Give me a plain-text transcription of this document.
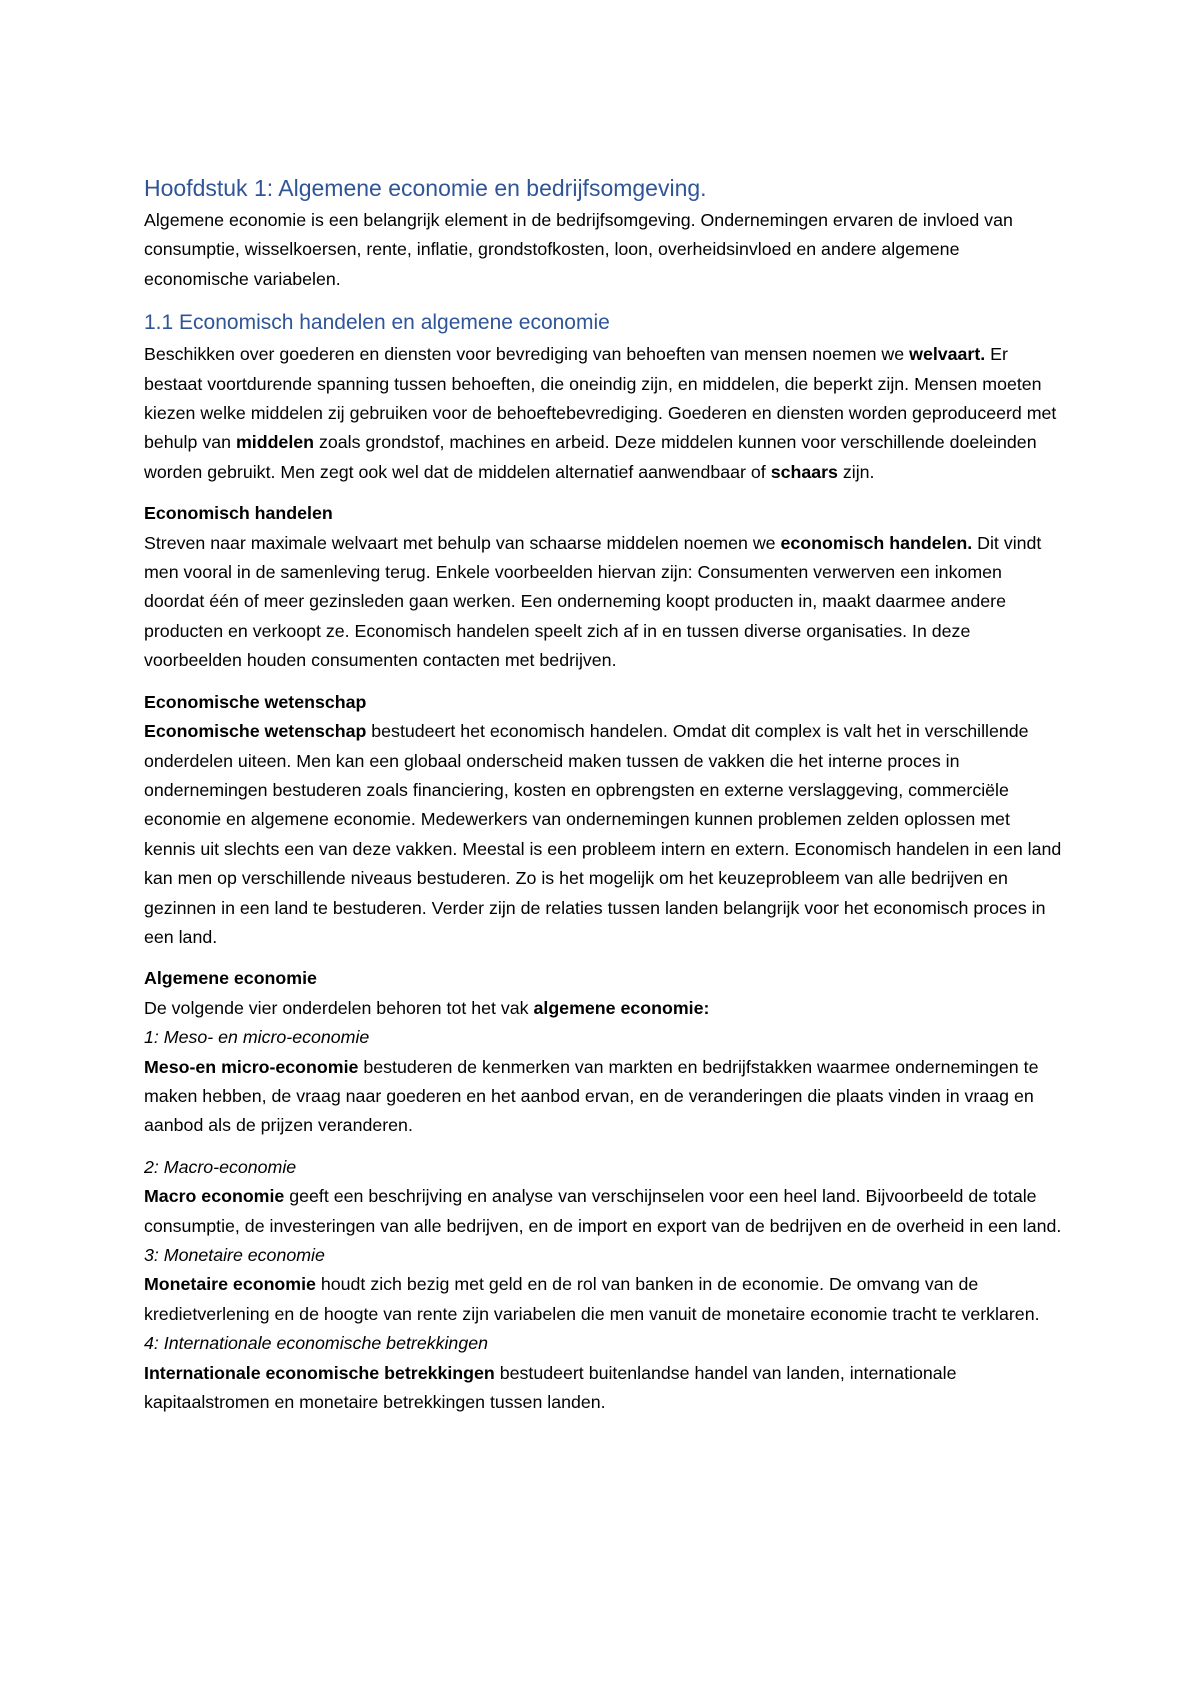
Hoofdstuk 1: Algemene economie en bedrijfsomgeving.

Algemene economie is een belangrijk element in de bedrijfsomgeving. Ondernemingen ervaren de invloed van consumptie, wisselkoersen, rente, inflatie, grondstofkosten, loon, overheidsinvloed en andere algemene economische variabelen.

1.1 Economisch handelen en algemene economie

Beschikken over goederen en diensten voor bevrediging van behoeften van mensen noemen we welvaart. Er bestaat voortdurende spanning tussen behoeften, die oneindig zijn, en middelen, die beperkt zijn. Mensen moeten kiezen welke middelen zij gebruiken voor de behoeftebevrediging. Goederen en diensten worden geproduceerd met behulp van middelen zoals grondstof, machines en arbeid. Deze middelen kunnen voor verschillende doeleinden worden gebruikt. Men zegt ook wel dat de middelen alternatief aanwendbaar of schaars zijn.

Economisch handelen

Streven naar maximale welvaart met behulp van schaarse middelen noemen we economisch handelen. Dit vindt men vooral in de samenleving terug. Enkele voorbeelden hiervan zijn: Consumenten verwerven een inkomen doordat één of meer gezinsleden gaan werken. Een onderneming koopt producten in, maakt daarmee andere producten en verkoopt ze. Economisch handelen speelt zich af in en tussen diverse organisaties. In deze voorbeelden houden consumenten contacten met bedrijven.

Economische wetenschap

Economische wetenschap bestudeert het economisch handelen. Omdat dit complex is valt het in verschillende onderdelen uiteen. Men kan een globaal onderscheid maken tussen de vakken die het interne proces in ondernemingen bestuderen zoals financiering, kosten en opbrengsten en externe verslaggeving, commerciële economie en algemene economie. Medewerkers van ondernemingen kunnen problemen zelden oplossen met kennis uit slechts een van deze vakken. Meestal is een probleem intern en extern. Economisch handelen in een land kan men op verschillende niveaus bestuderen. Zo is het mogelijk om het keuzeprobleem van alle bedrijven en gezinnen in een land te bestuderen. Verder zijn de relaties tussen landen belangrijk voor het economisch proces in een land.

Algemene economie

De volgende vier onderdelen behoren tot het vak algemene economie:

1: Meso- en micro-economie

Meso-en micro-economie bestuderen de kenmerken van markten en bedrijfstakken waarmee ondernemingen te maken hebben, de vraag naar goederen en het aanbod ervan, en de veranderingen die plaats vinden in vraag en aanbod als de prijzen veranderen.

2: Macro-economie

Macro economie geeft een beschrijving en analyse van verschijnselen voor een heel land. Bijvoorbeeld de totale consumptie, de investeringen van alle bedrijven, en de import en export van de bedrijven en de overheid in een land.

3: Monetaire economie

Monetaire economie houdt zich bezig met geld en de rol van banken in de economie. De omvang van de kredietverlening en de hoogte van rente zijn variabelen die men vanuit de monetaire economie tracht te verklaren.

4: Internationale economische betrekkingen

Internationale economische betrekkingen bestudeert buitenlandse handel van landen, internationale kapitaalstromen en monetaire betrekkingen tussen landen.
